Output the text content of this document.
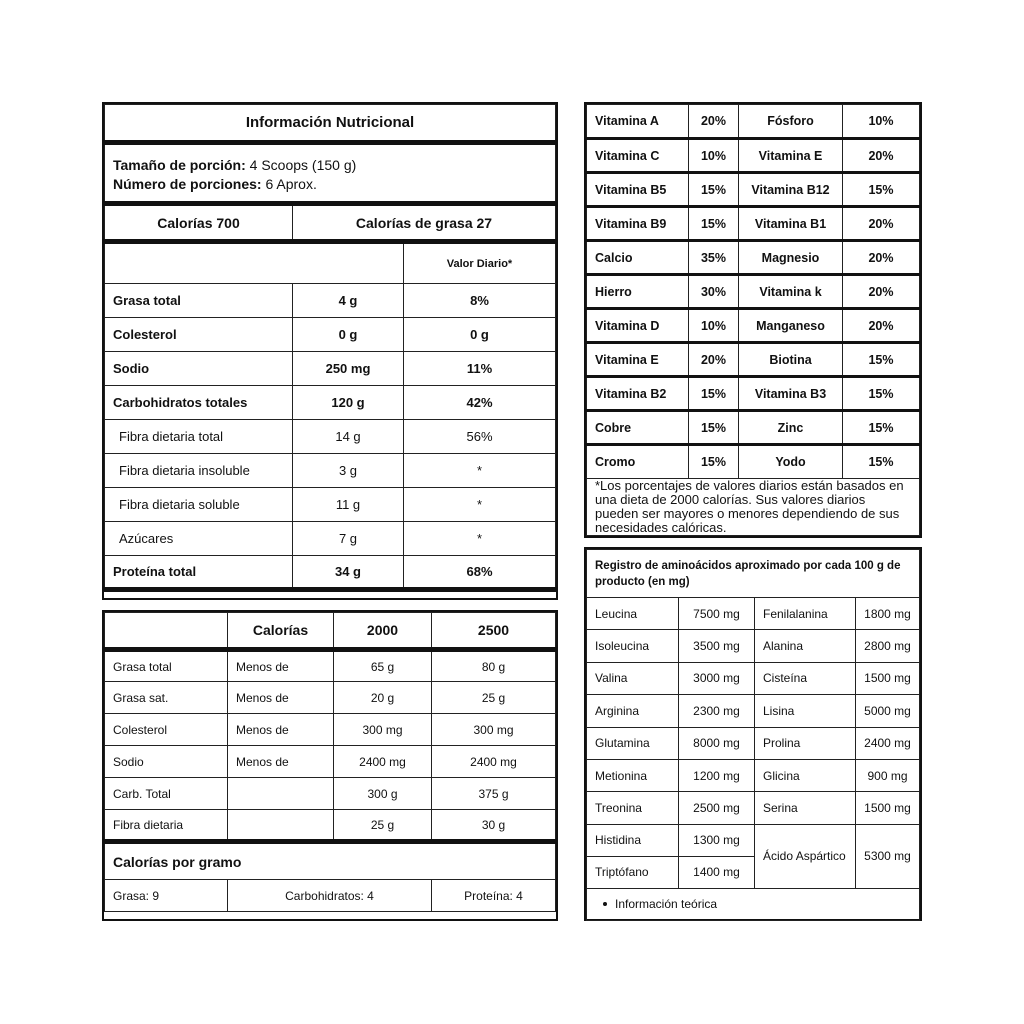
Información Nutricional		
Tamaño de porción: 4 Scoops (150 g)
Número de porciones: 6 Aprox.		
Calorías 700	Calorías de grasa 27	
		Valor Diario*
Grasa total	4 g	8%
Colesterol	0 g	0 g
Sodio	250 mg	11%
Carbohidratos totales	120 g	42%
Fibra dietaria total	14 g	56%
Fibra dietaria insoluble	3 g	*
Fibra dietaria soluble	11 g	*
Azúcares	7 g	*
Proteína total	34 g	68%
	Calorías	2000	2500
Grasa total	Menos de	65 g	80 g
Grasa sat.	Menos de	20 g	25 g
Colesterol	Menos de	300 mg	300 mg
Sodio	Menos de	2400 mg	2400 mg
Carb. Total		300 g	375 g
Fibra dietaria		25 g	30 g
Calorías por gramo			
Grasa: 9	Carbohidratos: 4		Proteína: 4
Vitamina A	20%	Fósforo	10%
Vitamina C	10%	Vitamina E	20%
Vitamina B5	15%	Vitamina B12	15%
Vitamina B9	15%	Vitamina B1	20%
Calcio	35%	Magnesio	20%
Hierro	30%	Vitamina k	20%
Vitamina D	10%	Manganeso	20%
Vitamina E	20%	Biotina	15%
Vitamina B2	15%	Vitamina B3	15%
Cobre	15%	Zinc	15%
Cromo	15%	Yodo	15%
*Los porcentajes de valores diarios están basados en una dieta de 2000 calorías. Sus valores diarios pueden ser mayores o menores dependiendo de sus necesidades calóricas.			
Registro de aminoácidos aproximado por cada 100 g de producto (en mg)			
Leucina	7500 mg	Fenilalanina	1800 mg
Isoleucina	3500 mg	Alanina	2800 mg
Valina	3000 mg	Cisteína	1500 mg
Arginina	2300 mg	Lisina	5000 mg
Glutamina	8000 mg	Prolina	2400 mg
Metionina	1200 mg	Glicina	900 mg
Treonina	2500 mg	Serina	1500 mg
Histidina	1300 mg	Ácido Aspártico	5300 mg
Triptófano	1400 mg		
Información teórica			
